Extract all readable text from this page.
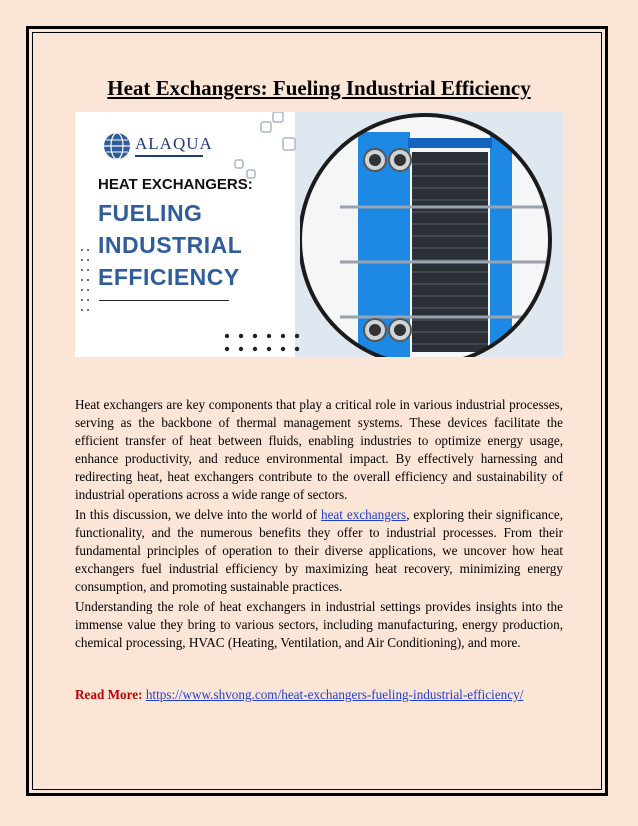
Heat Exchangers: Fueling Industrial Efficiency
ALAQUA
HEAT EXCHANGERS:
FUELING
INDUSTRIAL
EFFICIENCY

Heat exchangers are key components that play a critical role in various industrial processes, serving as the backbone of thermal management systems. These devices facilitate the efficient transfer of heat between fluids, enabling industries to optimize energy usage, enhance productivity, and reduce environmental impact. By effectively harnessing and redirecting heat, heat exchangers contribute to the overall efficiency and sustainability of industrial operations across a wide range of sectors.

In this discussion, we delve into the world of heat exchangers, exploring their significance, functionality, and the numerous benefits they offer to industrial processes. From their fundamental principles of operation to their diverse applications, we uncover how heat exchangers fuel industrial efficiency by maximizing heat recovery, minimizing energy consumption, and promoting sustainable practices.

Understanding the role of heat exchangers in industrial settings provides insights into the immense value they bring to various sectors, including manufacturing, energy production, chemical processing, HVAC (Heating, Ventilation, and Air Conditioning), and more.

Read More: https://www.shvong.com/heat-exchangers-fueling-industrial-efficiency/
